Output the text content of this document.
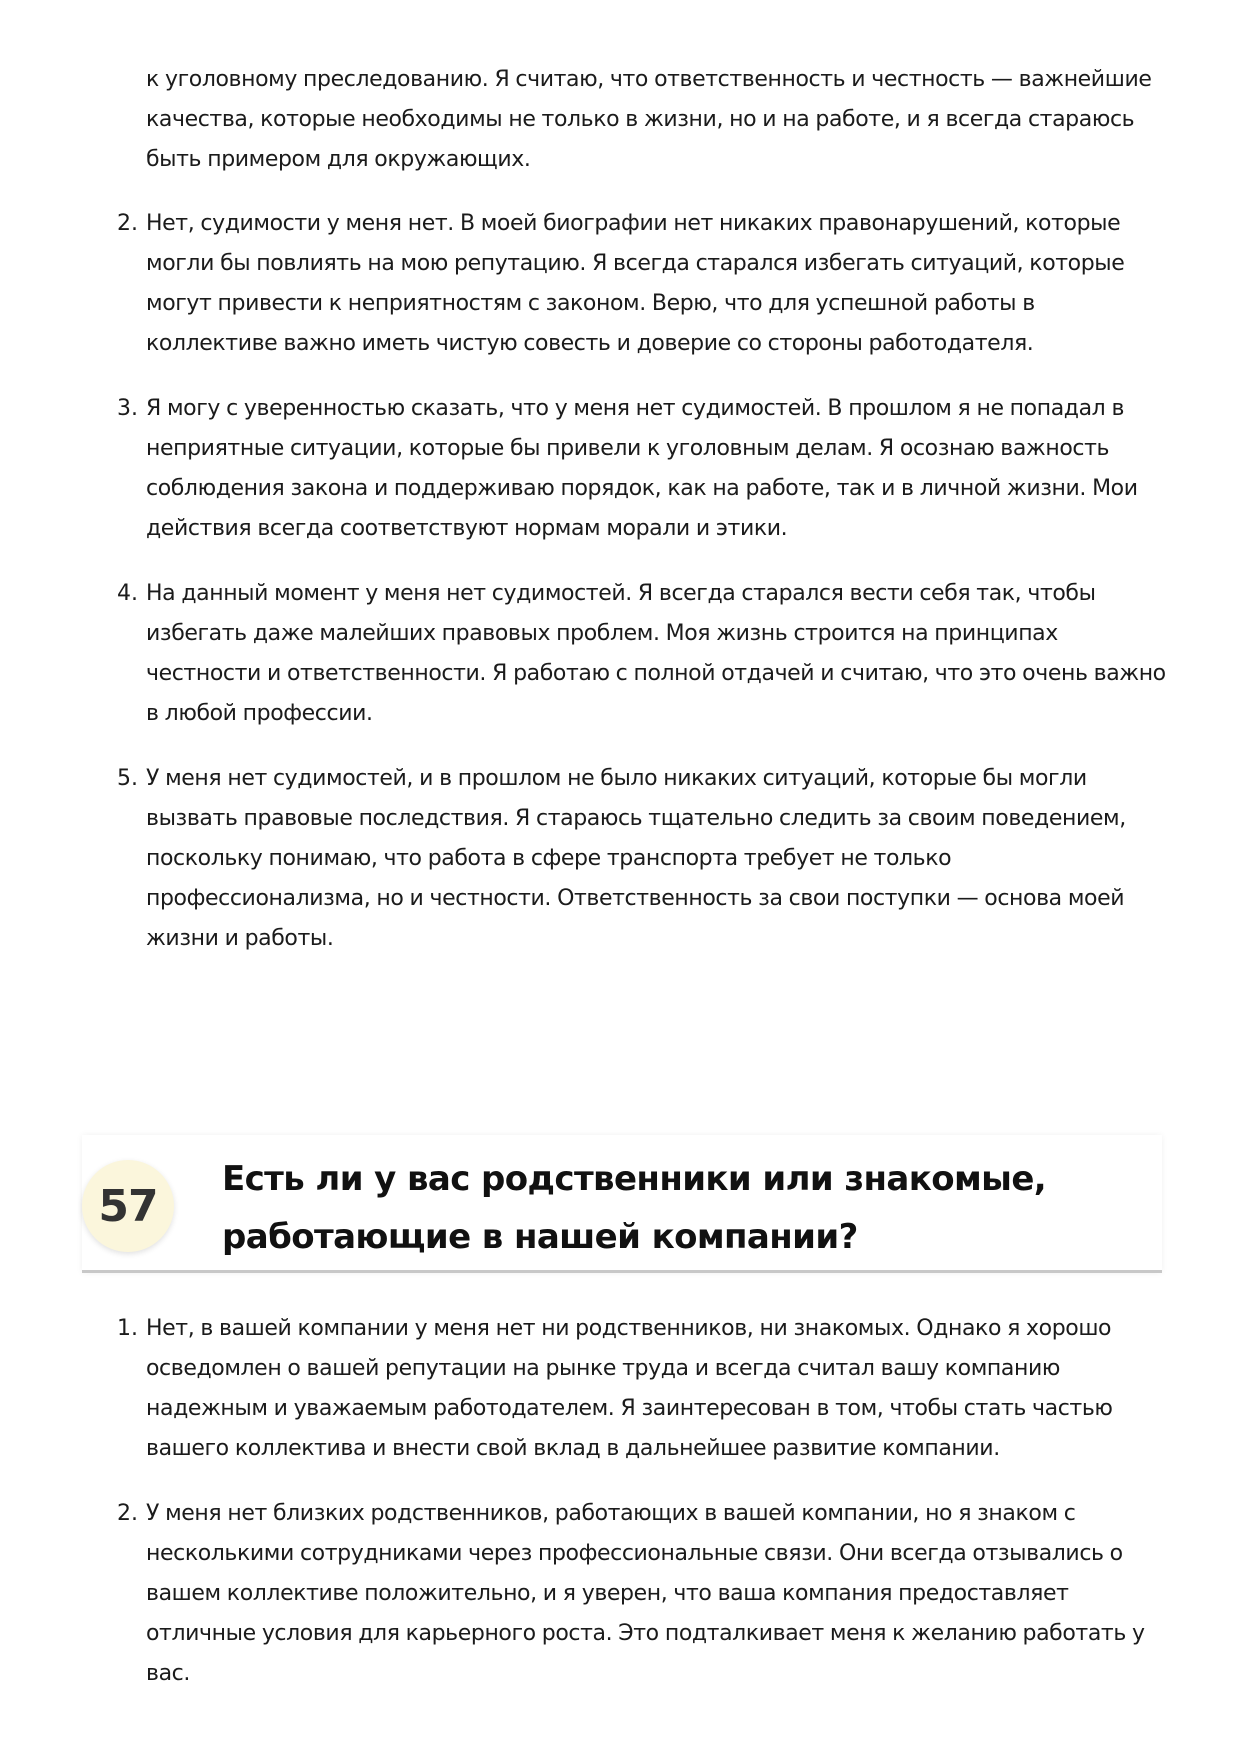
к уголовному преследованию. Я считаю, что ответственность и честность — важнейшие качества, которые необходимы не только в жизни, но и на работе, и я всегда стараюсь быть примером для окружающих.

2. Нет, судимости у меня нет. В моей биографии нет никаких правонарушений, которые могли бы повлиять на мою репутацию. Я всегда старался избегать ситуаций, которые могут привести к неприятностям с законом. Верю, что для успешной работы в коллективе важно иметь чистую совесть и доверие со стороны работодателя.

3. Я могу с уверенностью сказать, что у меня нет судимостей. В прошлом я не попадал в неприятные ситуации, которые бы привели к уголовным делам. Я осознаю важность соблюдения закона и поддерживаю порядок, как на работе, так и в личной жизни. Мои действия всегда соответствуют нормам морали и этики.

4. На данный момент у меня нет судимостей. Я всегда старался вести себя так, чтобы избегать даже малейших правовых проблем. Моя жизнь строится на принципах честности и ответственности. Я работаю с полной отдачей и считаю, что это очень важно в любой профессии.

5. У меня нет судимостей, и в прошлом не было никаких ситуаций, которые бы могли вызвать правовые последствия. Я стараюсь тщательно следить за своим поведением, поскольку понимаю, что работа в сфере транспорта требует не только профессионализма, но и честности. Ответственность за свои поступки — основа моей жизни и работы.

57
Есть ли у вас родственники или знакомые, работающие в нашей компании?
1. Нет, в вашей компании у меня нет ни родственников, ни знакомых. Однако я хорошо осведомлен о вашей репутации на рынке труда и всегда считал вашу компанию надежным и уважаемым работодателем. Я заинтересован в том, чтобы стать частью вашего коллектива и внести свой вклад в дальнейшее развитие компании.

2. У меня нет близких родственников, работающих в вашей компании, но я знаком с несколькими сотрудниками через профессиональные связи. Они всегда отзывались о вашем коллективе положительно, и я уверен, что ваша компания предоставляет отличные условия для карьерного роста. Это подталкивает меня к желанию работать у вас.
